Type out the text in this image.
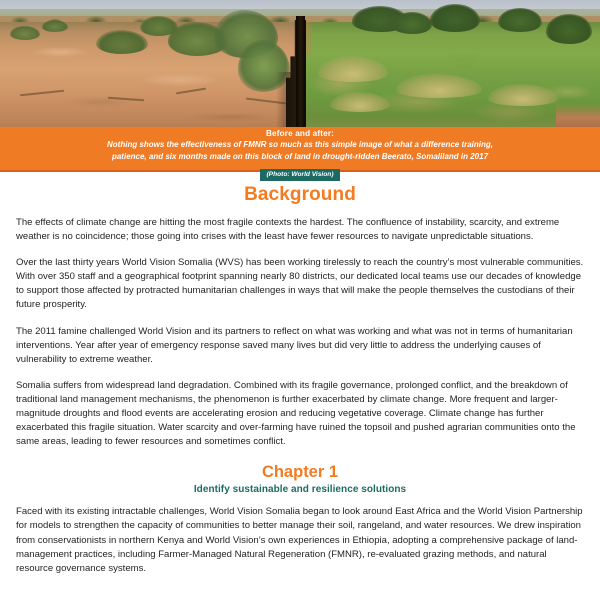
Before and after:
Nothing shows the effectiveness of FMNR so much as this simple image of what a difference training,
patience, and six months made on this block of land in drought-ridden Beerato, Somaliland in 2017
(Photo: World Vision)
Background

The effects of climate change are hitting the most fragile contexts the hardest. The confluence of instability, scarcity, and extreme weather is no coincidence; those going into crises with the least have fewer resources to navigate unpredictable situations.

Over the last thirty years World Vision Somalia (WVS) has been working tirelessly to reach the country’s most vulnerable communities. With over 350 staff and a geographical footprint spanning nearly 80 districts, our dedicated local teams use our decades of knowledge to support those affected by protracted humanitarian challenges in ways that will make the people themselves the custodians of their future prosperity.

The 2011 famine challenged World Vision and its partners to reflect on what was working and what was not in terms of humanitarian interventions. Year after year of emergency response saved many lives but did very little to address the underlying causes of vulnerability to extreme weather.

Somalia suffers from widespread land degradation. Combined with its fragile governance, prolonged conflict, and the breakdown of traditional land management mechanisms, the phenomenon is further exacerbated by climate change. More frequent and larger-magnitude droughts and flood events are accelerating erosion and reducing vegetative coverage. Climate change has further exacerbated this fragile situation. Water scarcity and over-farming have ruined the topsoil and pushed agrarian communities onto the same areas, leading to fewer resources and sometimes conflict.

Chapter 1
Identify sustainable and resilience solutions

Faced with its existing intractable challenges, World Vision Somalia began to look around East Africa and the World Vision Partnership for models to strengthen the capacity of communities to better manage their soil, rangeland, and water resources. We drew inspiration from conservationists in northern Kenya and World Vision’s own experiences in Ethiopia, adopting a comprehensive package of land-management practices, including Farmer-Managed Natural Regeneration (FMNR), re-evaluated grazing methods, and natural resource governance systems.
